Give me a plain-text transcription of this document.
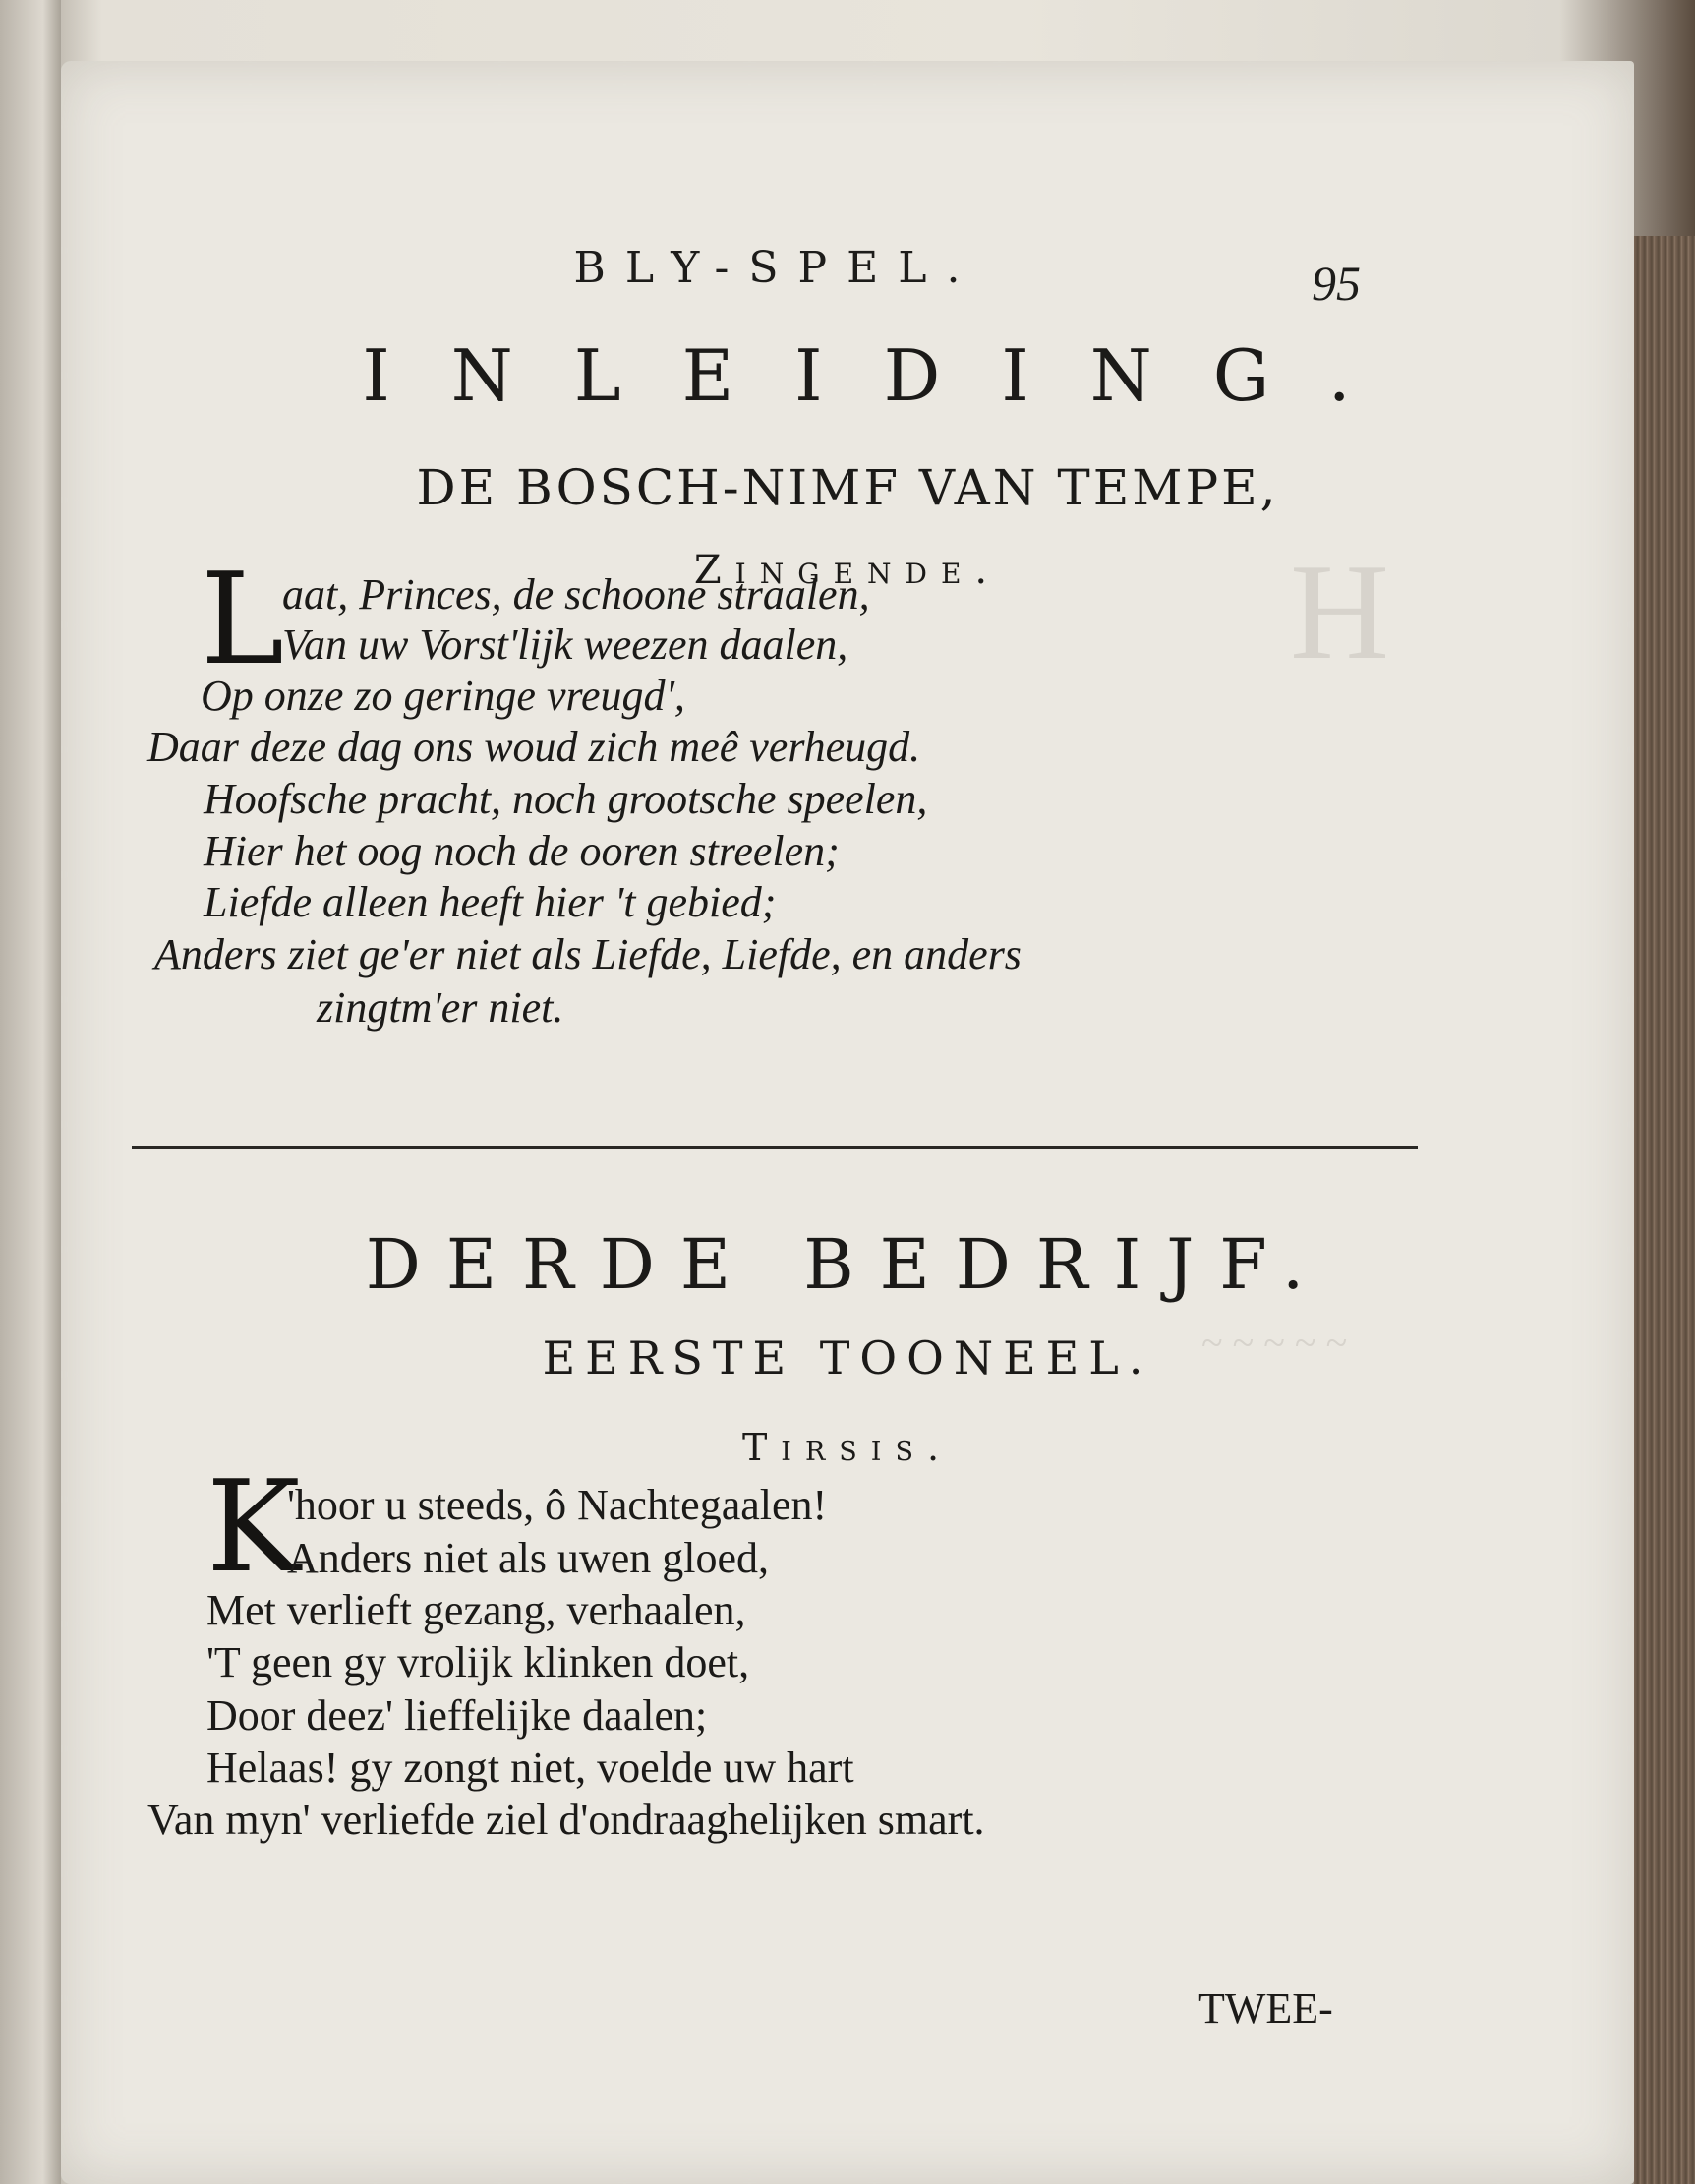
H
~ ~ ~ ~ ~
BLY-SPEL.	95
INLEIDING.
DE BOSCH-NIMF VAN TEMPE,
Zingende.
L
aat, Princes, de schoone straalen,
Van uw Vorst'lijk weezen daalen,
Op onze zo geringe vreugd',
Daar deze dag ons woud zich meê verheugd.
Hoofsche pracht, noch grootsche speelen,
Hier het oog noch de ooren streelen;
Liefde alleen heeft hier 't gebied;
Anders ziet ge'er niet als Liefde, Liefde, en anders
zingtm'er niet.
DERDE BEDRIJF.
EERSTE TOONEEL.
Tirsis.
K
'hoor u steeds, ô Nachtegaalen!
Anders niet als uwen gloed,
Met verlieft gezang, verhaalen,
'T geen gy vrolijk klinken doet,
Door deez' lieffelijke daalen;
Helaas! gy zongt niet, voelde uw hart
Van myn' verliefde ziel d'ondraaghelijken smart.
TWEE-
